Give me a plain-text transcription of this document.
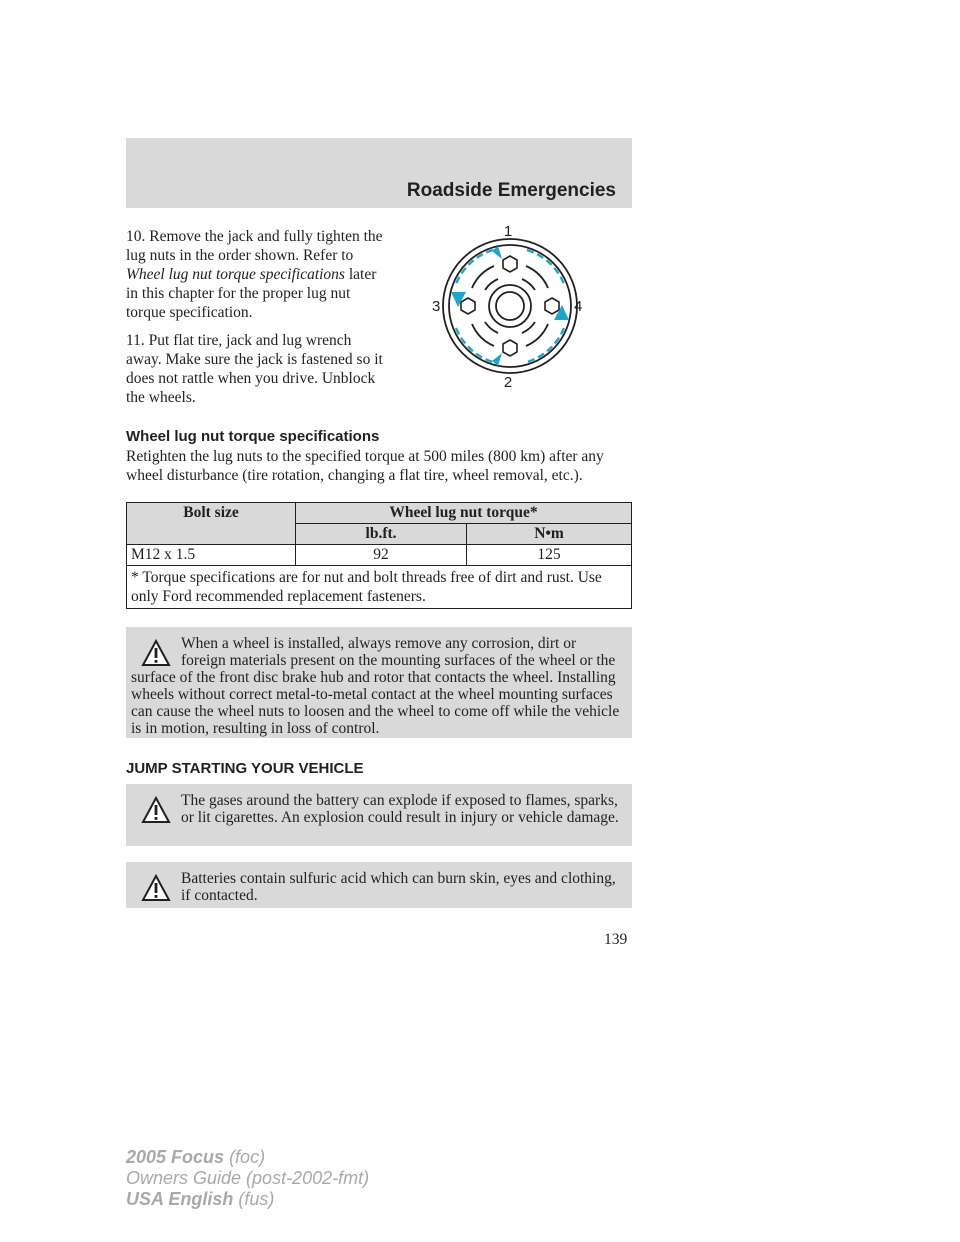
Roadside Emergencies

10. Remove the jack and fully tighten the lug nuts in the order shown. Refer to Wheel lug nut torque specifications later in this chapter for the proper lug nut torque specification.

11. Put flat tire, jack and lug wrench away. Make sure the jack is fastened so it does not rattle when you drive. Unblock the wheels.

1
2
3	4
Wheel lug nut torque specifications

Retighten the lug nuts to the specified torque at 500 miles (800 km) after any wheel disturbance (tire rotation, changing a flat tire, wheel removal, etc.).

Bolt size	Wheel lug nut torque*	
	lb.ft.	N•m
M12 x 1.5	92	125
* Torque specifications are for nut and bolt threads free of dirt and rust. Use only Ford recommended replacement fasteners.		

When a wheel is installed, always remove any corrosion, dirt or foreign materials present on the mounting surfaces of the wheel or the surface of the front disc brake hub and rotor that contacts the wheel. Installing wheels without correct metal-to-metal contact at the wheel mounting surfaces can cause the wheel nuts to loosen and the wheel to come off while the vehicle is in motion, resulting in loss of control.

JUMP STARTING YOUR VEHICLE

The gases around the battery can explode if exposed to flames, sparks, or lit cigarettes. An explosion could result in injury or vehicle damage.

Batteries contain sulfuric acid which can burn skin, eyes and clothing, if contacted.

139
2005 Focus (foc)
Owners Guide (post-2002-fmt)
USA English (fus)
